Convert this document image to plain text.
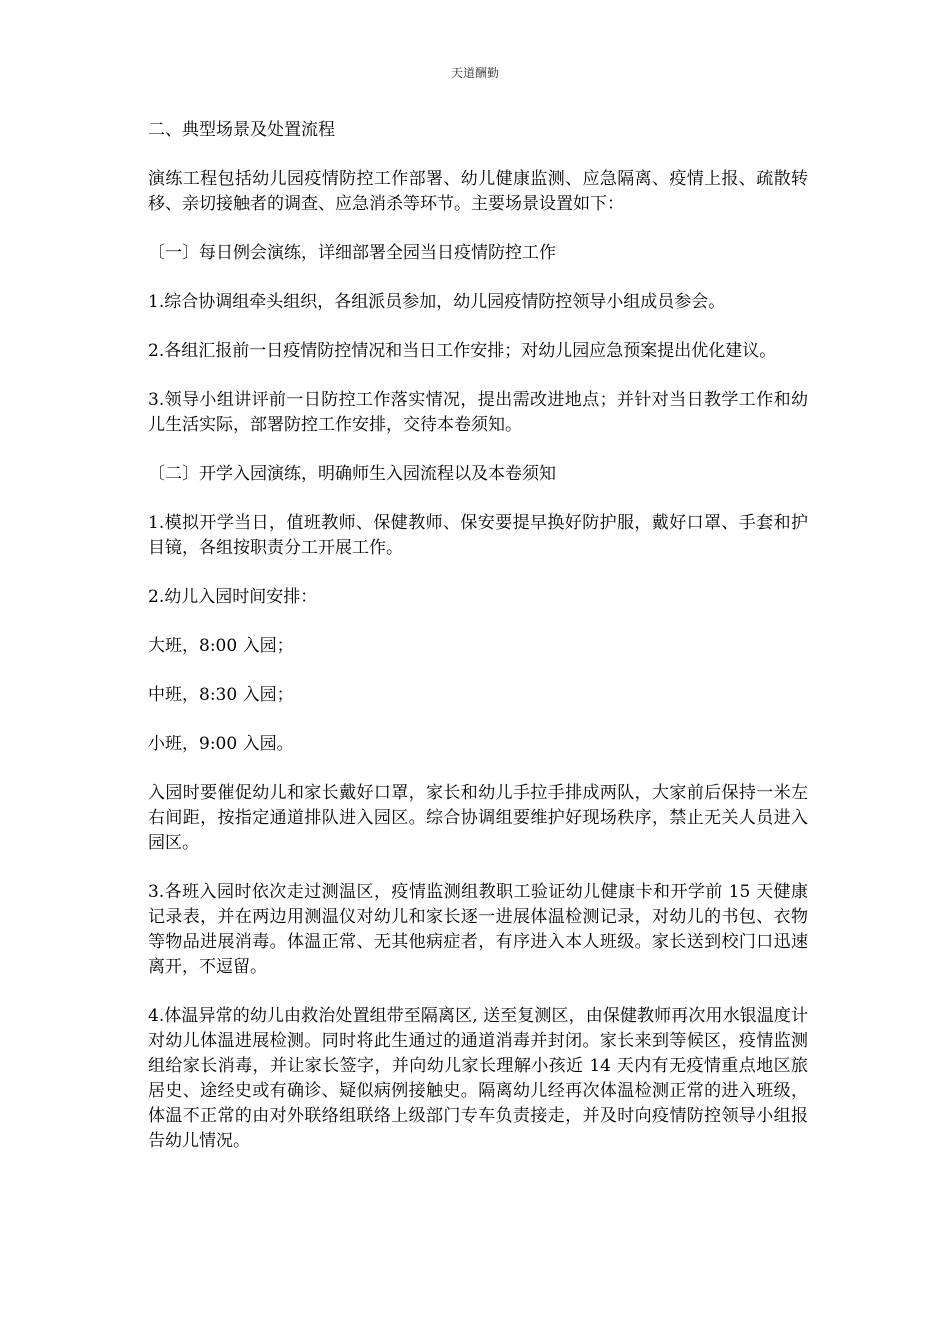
天道酬勤

二、典型场景及处置流程

演练工程包括幼儿园疫情防控工作部署、幼儿健康监测、应急隔离、疫情上报、疏散转移、亲切接触者的调查、应急消杀等环节。主要场景设置如下：

〔一〕每日例会演练，详细部署全园当日疫情防控工作

1.综合协调组牵头组织，各组派员参加，幼儿园疫情防控领导小组成员参会。

2.各组汇报前一日疫情防控情况和当日工作安排；对幼儿园应急预案提出优化建议。

3.领导小组讲评前一日防控工作落实情况，提出需改进地点；并针对当日教学工作和幼儿生活实际，部署防控工作安排，交待本卷须知。

〔二〕开学入园演练，明确师生入园流程以及本卷须知

1.模拟开学当日，值班教师、保健教师、保安要提早换好防护服，戴好口罩、手套和护目镜，各组按职责分工开展工作。

2.幼儿入园时间安排：

大班，8:00 入园；

中班，8:30 入园；

小班，9:00 入园。

入园时要催促幼儿和家长戴好口罩，家长和幼儿手拉手排成两队，大家前后保持一米左右间距，按指定通道排队进入园区。综合协调组要维护好现场秩序，禁止无关人员进入园区。

3.各班入园时依次走过测温区，疫情监测组教职工验证幼儿健康卡和开学前 15 天健康记录表，并在两边用测温仪对幼儿和家长逐一进展体温检测记录，对幼儿的书包、衣物等物品进展消毒。体温正常、无其他病症者，有序进入本人班级。家长送到校门口迅速离开，不逗留。

4.体温异常的幼儿由救治处置组带至隔离区, 送至复测区，由保健教师再次用水银温度计对幼儿体温进展检测。同时将此生通过的通道消毒并封闭。家长来到等候区，疫情监测组给家长消毒，并让家长签字，并向幼儿家长理解小孩近 14 天内有无疫情重点地区旅居史、途经史或有确诊、疑似病例接触史。隔离幼儿经再次体温检测正常的进入班级，体温不正常的由对外联络组联络上级部门专车负责接走，并及时向疫情防控领导小组报告幼儿情况。
